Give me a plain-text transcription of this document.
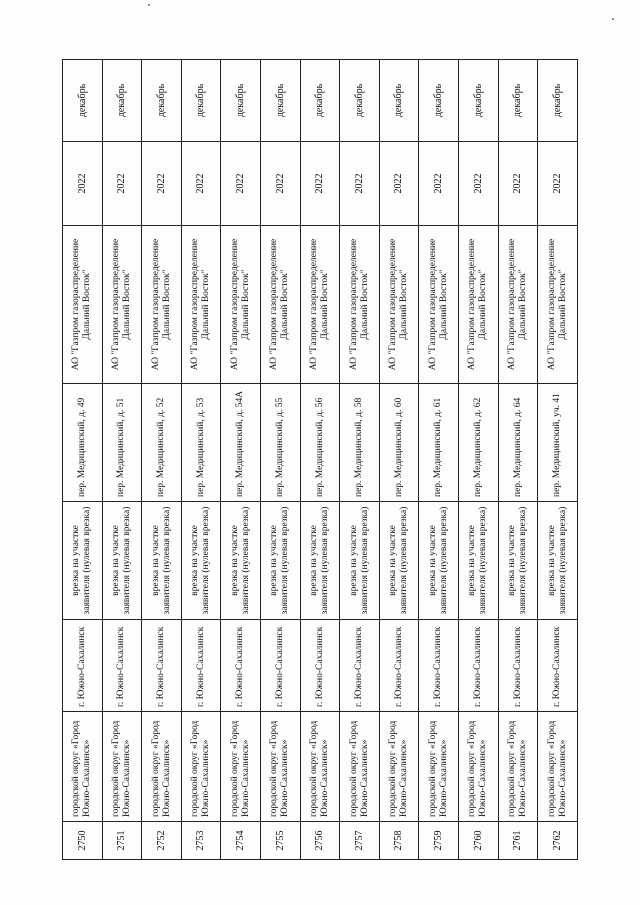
2750	городской округ «Город Южно-Сахалинск»	г. Южно-Сахалинск	врезка на участке заявителя (нулевая врезка)	пер. Медицинский, д. 49	АО "Газпром газораспределение Дальний Восток"	2022	декабрь
2751	городской округ «Город Южно-Сахалинск»	г. Южно-Сахалинск	врезка на участке заявителя (нулевая врезка)	пер. Медицинский, д. 51	АО "Газпром газораспределение Дальний Восток"	2022	декабрь
2752	городской округ «Город Южно-Сахалинск»	г. Южно-Сахалинск	врезка на участке заявителя (нулевая врезка)	пер. Медицинский, д. 52	АО "Газпром газораспределение Дальний Восток"	2022	декабрь
2753	городской округ «Город Южно-Сахалинск»	г. Южно-Сахалинск	врезка на участке заявителя (нулевая врезка)	пер. Медицинский, д. 53	АО "Газпром газораспределение Дальний Восток"	2022	декабрь
2754	городской округ «Город Южно-Сахалинск»	г. Южно-Сахалинск	врезка на участке заявителя (нулевая врезка)	пер. Медицинский, д. 54А	АО "Газпром газораспределение Дальний Восток"	2022	декабрь
2755	городской округ «Город Южно-Сахалинск»	г. Южно-Сахалинск	врезка на участке заявителя (нулевая врезка)	пер. Медицинский, д. 55	АО "Газпром газораспределение Дальний Восток"	2022	декабрь
2756	городской округ «Город Южно-Сахалинск»	г. Южно-Сахалинск	врезка на участке заявителя (нулевая врезка)	пер. Медицинский, д. 56	АО "Газпром газораспределение Дальний Восток"	2022	декабрь
2757	городской округ «Город Южно-Сахалинск»	г. Южно-Сахалинск	врезка на участке заявителя (нулевая врезка)	пер. Медицинский, д. 58	АО "Газпром газораспределение Дальний Восток"	2022	декабрь
2758	городской округ «Город Южно-Сахалинск»	г. Южно-Сахалинск	врезка на участке заявителя (нулевая врезка)	пер. Медицинский, д. 60	АО "Газпром газораспределение Дальний Восток"	2022	декабрь
2759	городской округ «Город Южно-Сахалинск»	г. Южно-Сахалинск	врезка на участке заявителя (нулевая врезка)	пер. Медицинский, д. 61	АО "Газпром газораспределение Дальний Восток"	2022	декабрь
2760	городской округ «Город Южно-Сахалинск»	г. Южно-Сахалинск	врезка на участке заявителя (нулевая врезка)	пер. Медицинский, д. 62	АО "Газпром газораспределение Дальний Восток"	2022	декабрь
2761	городской округ «Город Южно-Сахалинск»	г. Южно-Сахалинск	врезка на участке заявителя (нулевая врезка)	пер. Медицинский, д. 64	АО "Газпром газораспределение Дальний Восток"	2022	декабрь
2762	городской округ «Город Южно-Сахалинск»	г. Южно-Сахалинск	врезка на участке заявителя (нулевая врезка)	пер. Медицинский, уч. 41	АО "Газпром газораспределение Дальний Восток"	2022	декабрь
